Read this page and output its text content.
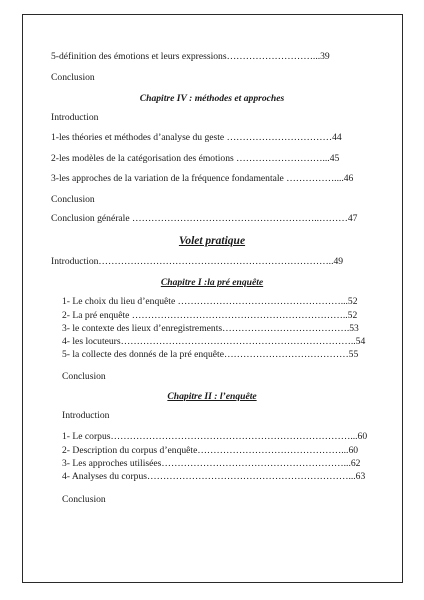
5-définition des émotions et leurs expressions………………………...39
Conclusion
Chapitre IV : méthodes et approches
Introduction
1-les théories et méthodes d’analyse du geste ……………………………44
2-les modèles de la catégorisation des émotions ………………………...45
3-les approches de la variation de la fréquence fondamentale ……………....46
Conclusion
Conclusion générale …………………………………………………..………47
Volet pratique
Introduction………………………………………………………………..49
Chapitre I :la pré enquête
1- Le choix du lieu d’enquête ……………………………………………...52
2- La pré enquête …………………………………………………………..52
3- le contexte des lieux d’enregistrements………………………………….53
4- les locuteurs………………………………………………………………..54
5- la collecte des donnés de la pré enquête…………………………………55
Conclusion
Chapitre II : l’enquête
Introduction
1- Le corpus…………………………………………………………………...60
2- Description du corpus d’enquête………………………………………...60
3- Les approches utilisées…………………………………………………...62
4- Analyses du corpus………………………………………………………...63
Conclusion
